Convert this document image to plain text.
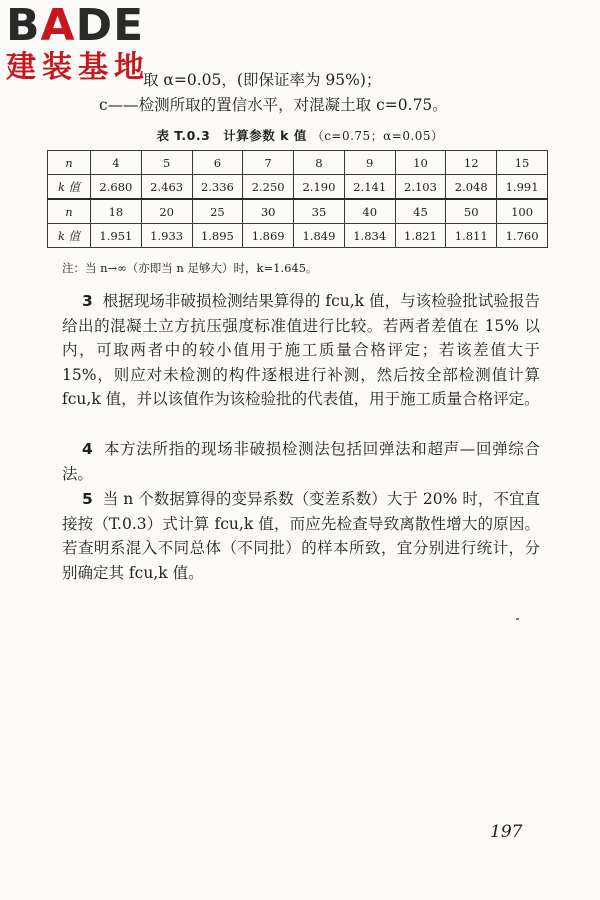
BADE
建装基地
取 α=0.05，(即保证率为 95%)；
c——检测所取的置信水平，对混凝土取 c=0.75。
表 T.0.3　计算参数 k 值 （c=0.75；α=0.05）
n	4	5	6	7	8	9	10	12	15
k 值	2.680	2.463	2.336	2.250	2.190	2.141	2.103	2.048	1.991
n	18	20	25	30	35	40	45	50	100
k 值	1.951	1.933	1.895	1.869	1.849	1.834	1.821	1.811	1.760
注：当 n→∞（亦即当 n 足够大）时，k=1.645。
3 根据现场非破损检测结果算得的 fcu,k 值，与该检验批试验报告给出的混凝土立方抗压强度标准值进行比较。若两者差值在 15% 以内，可取两者中的较小值用于施工质量合格评定；若该差值大于 15%，则应对未检测的构件逐根进行补测，然后按全部检测值计算 fcu,k 值，并以该值作为该检验批的代表值，用于施工质量合格评定。
4 本方法所指的现场非破损检测法包括回弹法和超声—回弹综合法。
5 当 n 个数据算得的变异系数（变差系数）大于 20% 时，不宜直接按（T.0.3）式计算 fcu,k 值，而应先检查导致离散性增大的原因。若查明系混入不同总体（不同批）的样本所致，宜分别进行统计，分别确定其 fcu,k 值。
197
